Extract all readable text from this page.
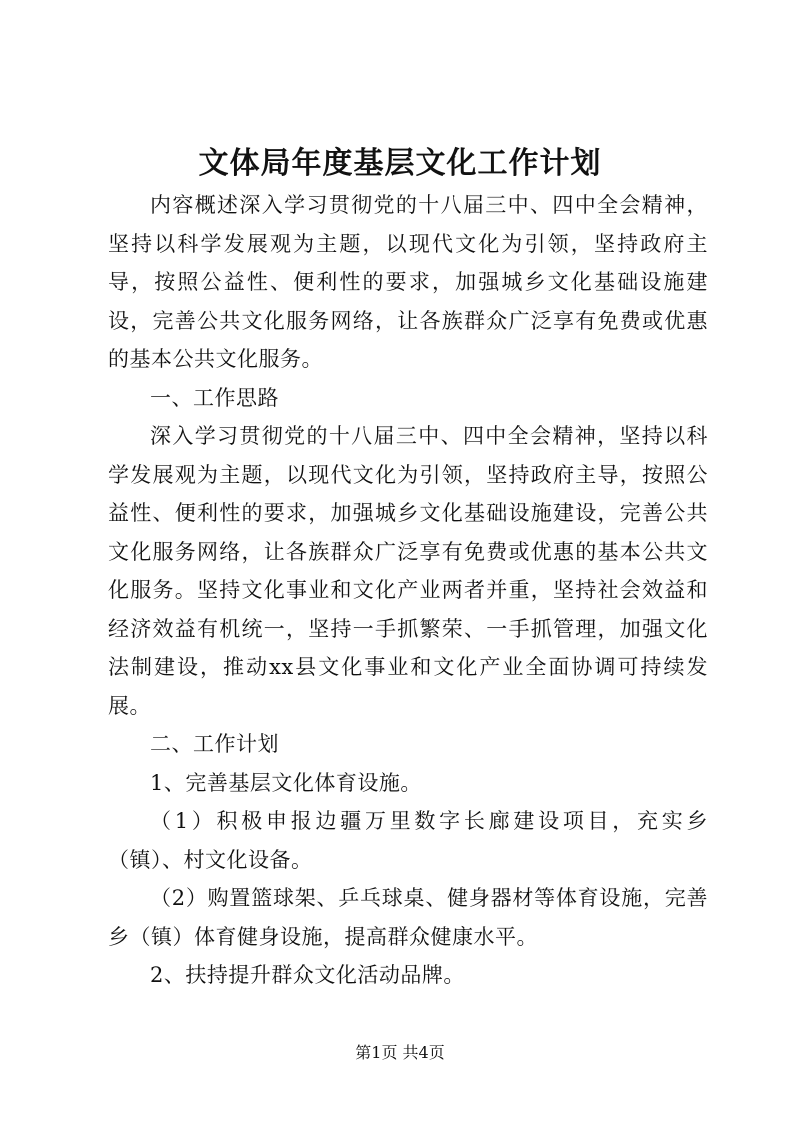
文体局年度基层文化工作计划

内容概述深入学习贯彻党的十八届三中、四中全会精神，坚持以科学发展观为主题，以现代文化为引领，坚持政府主导，按照公益性、便利性的要求，加强城乡文化基础设施建设，完善公共文化服务网络，让各族群众广泛享有免费或优惠的基本公共文化服务。

一、工作思路

深入学习贯彻党的十八届三中、四中全会精神，坚持以科学发展观为主题，以现代文化为引领，坚持政府主导，按照公益性、便利性的要求，加强城乡文化基础设施建设，完善公共文化服务网络，让各族群众广泛享有免费或优惠的基本公共文化服务。坚持文化事业和文化产业两者并重，坚持社会效益和经济效益有机统一，坚持一手抓繁荣、一手抓管理，加强文化法制建设，推动xx县文化事业和文化产业全面协调可持续发展。

二、工作计划

1、完善基层文化体育设施。

（1）积极申报边疆万里数字长廊建设项目，充实乡（镇）、村文化设备。

（2）购置篮球架、乒乓球桌、健身器材等体育设施，完善乡（镇）体育健身设施，提高群众健康水平。

2、扶持提升群众文化活动品牌。

第1页 共4页
